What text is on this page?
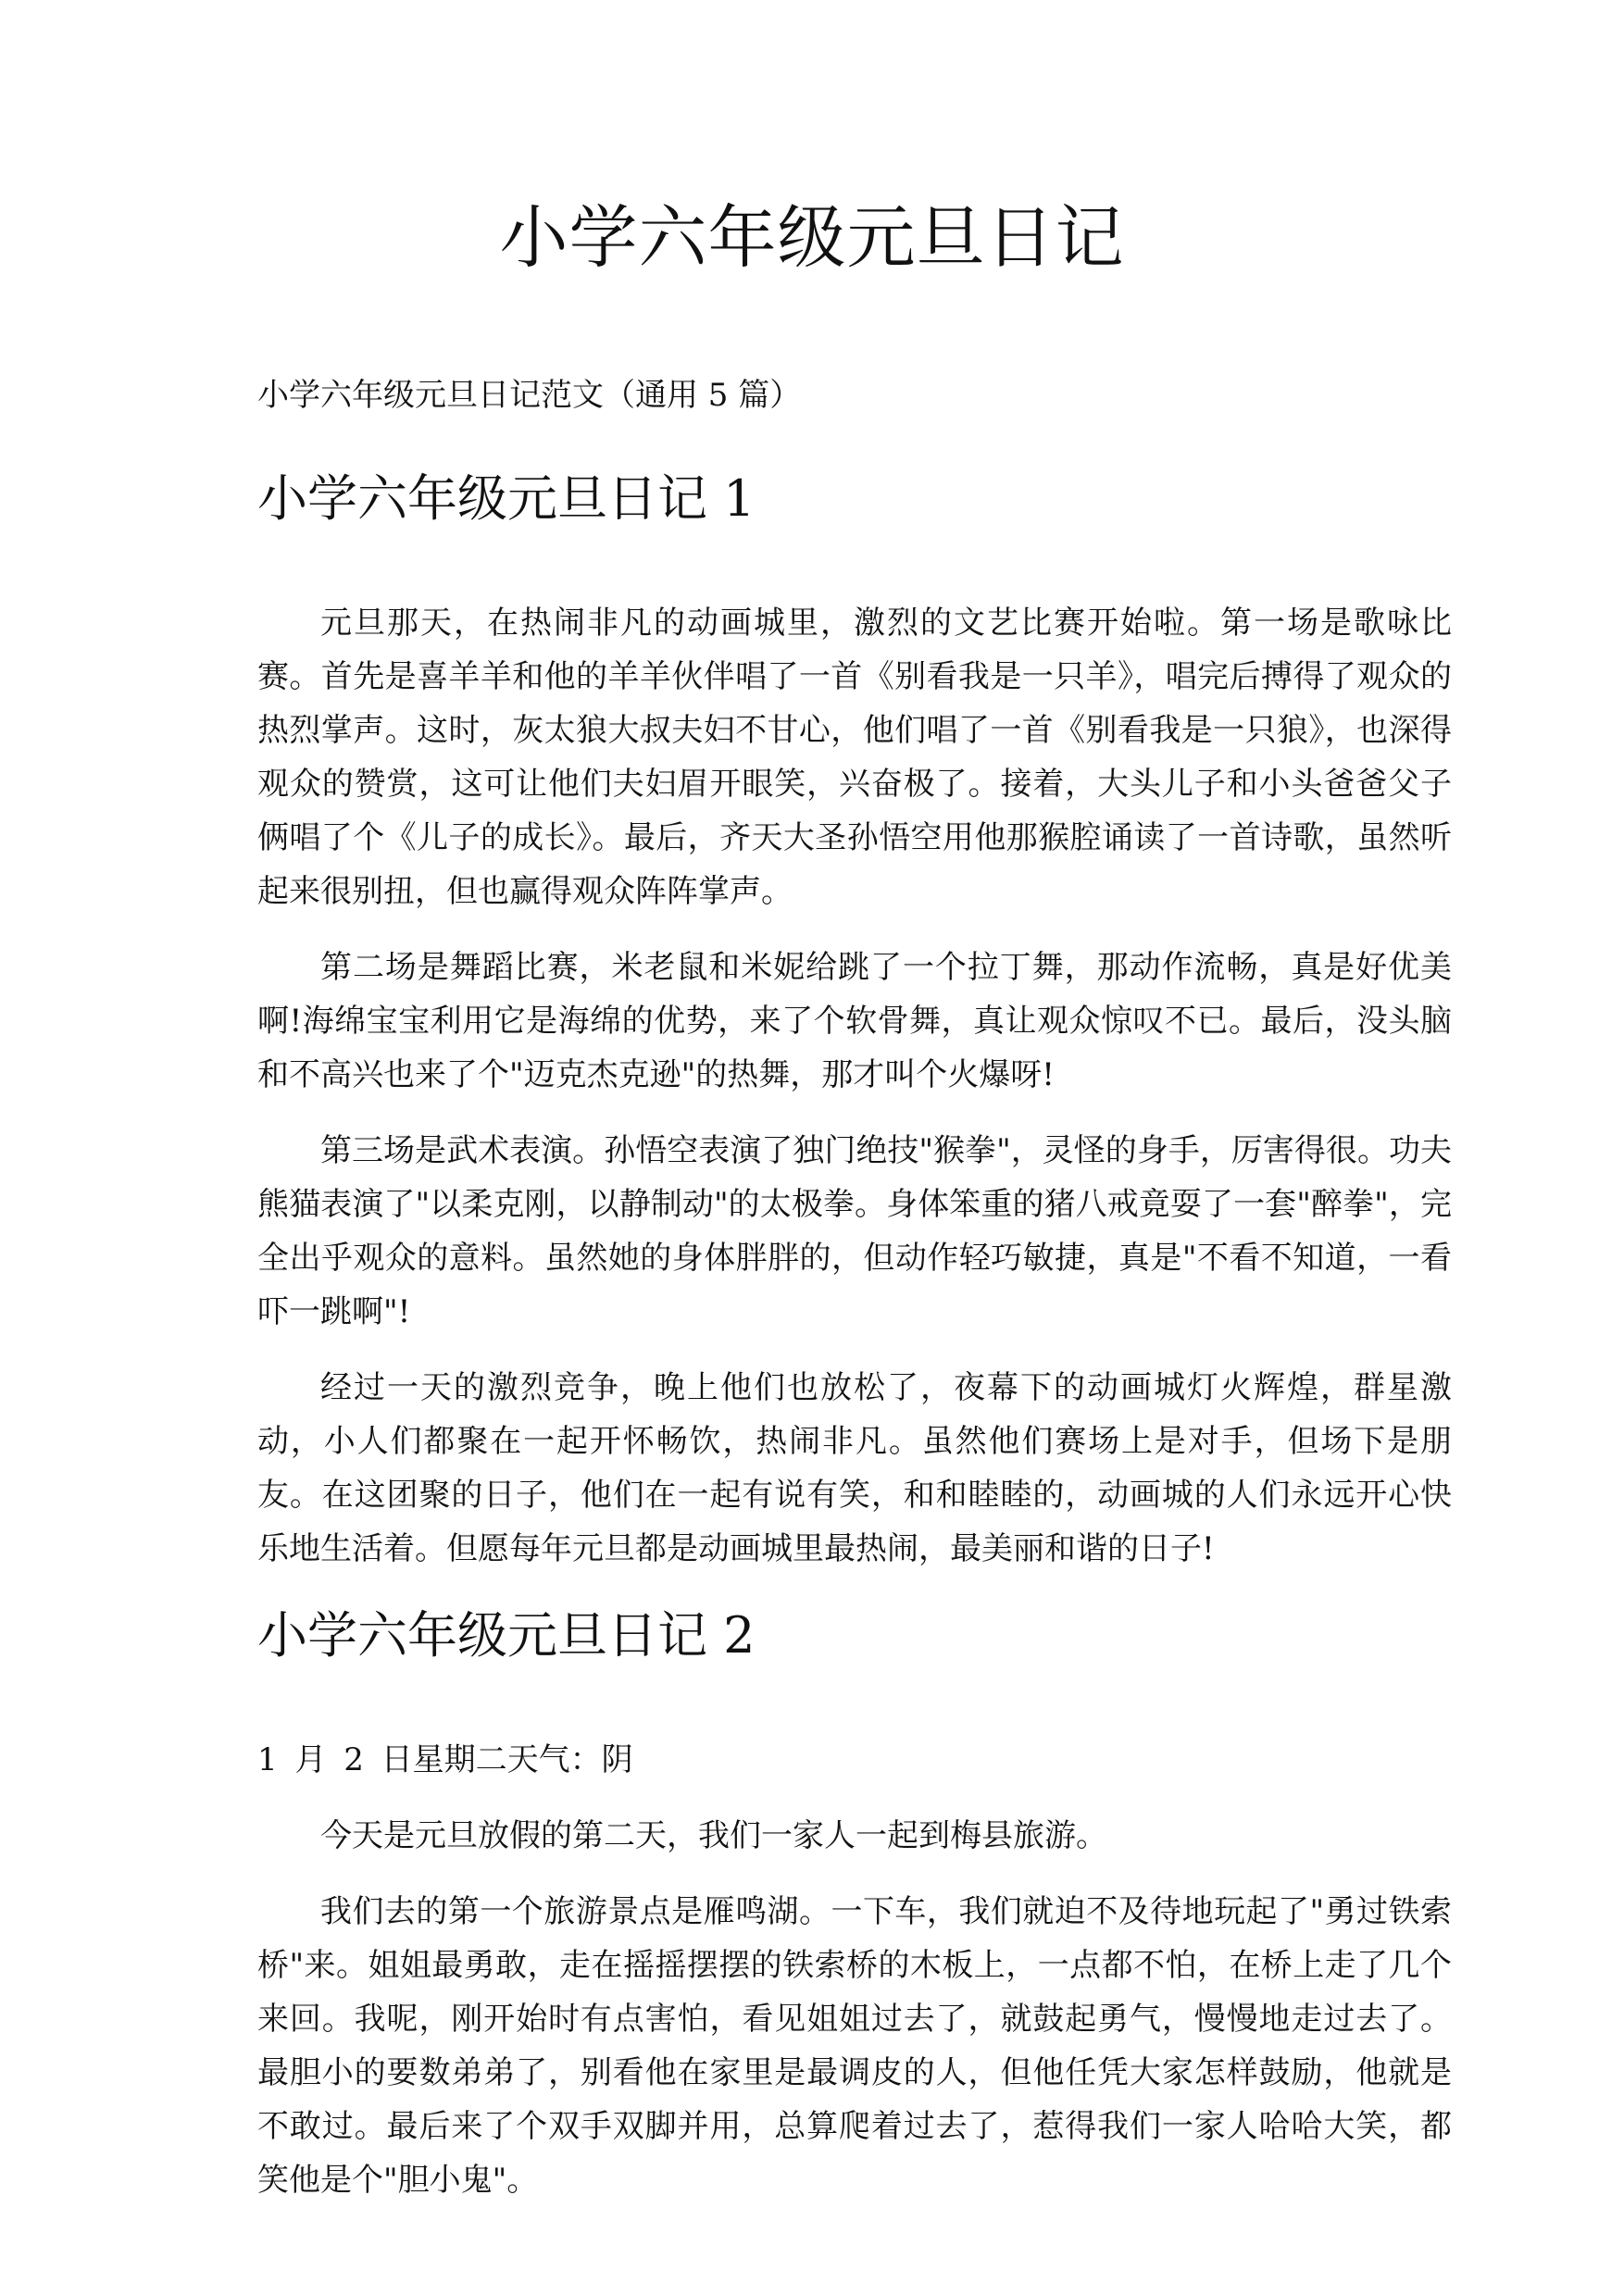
小学六年级元旦日记

小学六年级元旦日记范文（通用 5 篇）

小学六年级元旦日记 1

元旦那天，在热闹非凡的动画城里，激烈的文艺比赛开始啦。第一场是歌咏比赛。首先是喜羊羊和他的羊羊伙伴唱了一首《别看我是一只羊》，唱完后搏得了观众的热烈掌声。这时，灰太狼大叔夫妇不甘心，他们唱了一首《别看我是一只狼》，也深得观众的赞赏，这可让他们夫妇眉开眼笑，兴奋极了。接着，大头儿子和小头爸爸父子俩唱了个《儿子的成长》。最后，齐天大圣孙悟空用他那猴腔诵读了一首诗歌，虽然听起来很别扭，但也赢得观众阵阵掌声。

第二场是舞蹈比赛，米老鼠和米妮给跳了一个拉丁舞，那动作流畅，真是好优美啊!海绵宝宝利用它是海绵的优势，来了个软骨舞，真让观众惊叹不已。最后，没头脑和不高兴也来了个"迈克杰克逊"的热舞，那才叫个火爆呀!

第三场是武术表演。孙悟空表演了独门绝技"猴拳"，灵怪的身手，厉害得很。功夫熊猫表演了"以柔克刚，以静制动"的太极拳。身体笨重的猪八戒竟耍了一套"醉拳"，完全出乎观众的意料。虽然她的身体胖胖的，但动作轻巧敏捷，真是"不看不知道，一看吓一跳啊"!

经过一天的激烈竞争，晚上他们也放松了，夜幕下的动画城灯火辉煌，群星激动，小人们都聚在一起开怀畅饮，热闹非凡。虽然他们赛场上是对手，但场下是朋友。在这团聚的日子，他们在一起有说有笑，和和睦睦的，动画城的人们永远开心快乐地生活着。但愿每年元旦都是动画城里最热闹，最美丽和谐的日子!

小学六年级元旦日记 2

1 月 2 日星期二天气：阴

今天是元旦放假的第二天，我们一家人一起到梅县旅游。

我们去的第一个旅游景点是雁鸣湖。一下车，我们就迫不及待地玩起了"勇过铁索桥"来。姐姐最勇敢，走在摇摇摆摆的铁索桥的木板上，一点都不怕，在桥上走了几个来回。我呢，刚开始时有点害怕，看见姐姐过去了，就鼓起勇气，慢慢地走过去了。最胆小的要数弟弟了，别看他在家里是最调皮的人，但他任凭大家怎样鼓励，他就是不敢过。最后来了个双手双脚并用，总算爬着过去了，惹得我们一家人哈哈大笑，都笑他是个"胆小鬼"。
